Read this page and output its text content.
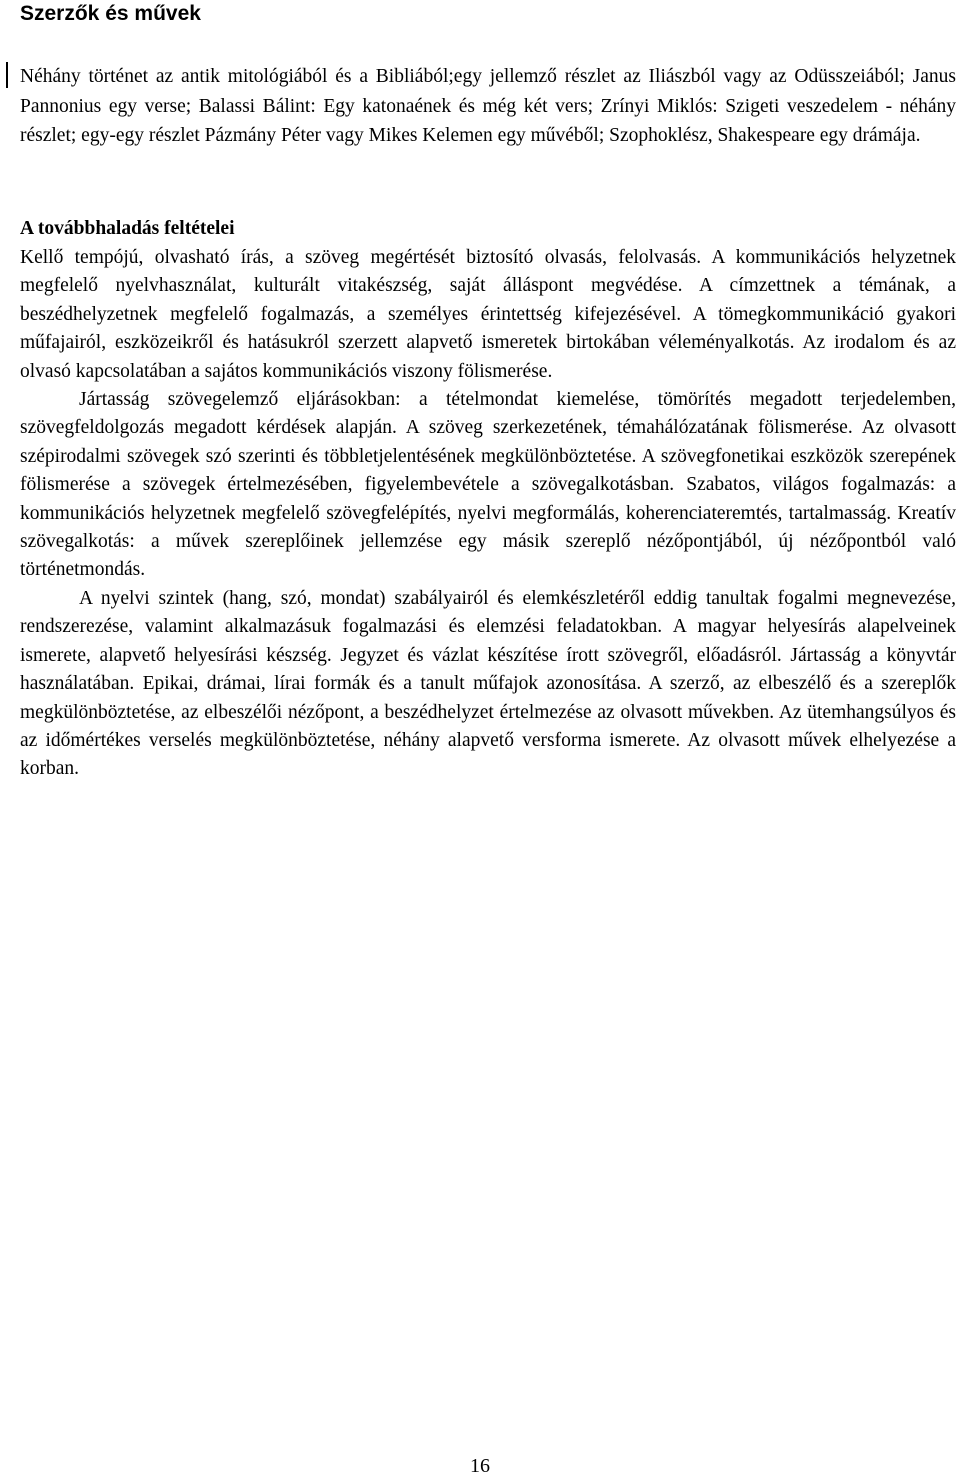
Szerzők és művek

Néhány történet az antik mitológiából és a Bibliából;egy jellemző részlet az Iliászból vagy az Odüsszeiából; Janus Pannonius egy verse; Balassi Bálint: Egy katonaének és még két vers; Zrínyi Miklós: Szigeti veszedelem - néhány részlet; egy-egy részlet Pázmány Péter vagy Mikes Kelemen egy művéből; Szophoklész, Shakespeare egy drámája.

A továbbhaladás feltételei

Kellő tempójú, olvasható írás, a szöveg megértését biztosító olvasás, felolvasás. A kommunikációs helyzetnek megfelelő nyelvhasználat, kulturált vitakészség, saját álláspont megvédése. A címzettnek a témának, a beszédhelyzetnek megfelelő fogalmazás, a személyes érintettség kifejezésével. A tömegkommunikáció gyakori műfajairól, eszközeikről és hatásukról szerzett alapvető ismeretek birtokában véleményalkotás. Az irodalom és az olvasó kapcsolatában a sajátos kommunikációs viszony fölismerése.

Jártasság szövegelemző eljárásokban: a tételmondat kiemelése, tömörítés megadott terjedelemben, szövegfeldolgozás megadott kérdések alapján. A szöveg szerkezetének, témahálózatának fölismerése. Az olvasott szépirodalmi szövegek szó szerinti és többletjelentésének megkülönböztetése. A szövegfonetikai eszközök szerepének fölismerése a szövegek értelmezésében, figyelembevétele a szövegalkotásban. Szabatos, világos fogalmazás: a kommunikációs helyzetnek megfelelő szövegfelépítés, nyelvi megformálás, koherenciateremtés, tartalmasság. Kreatív szövegalkotás: a művek szereplőinek jellemzése egy másik szereplő nézőpontjából, új nézőpontból való történetmondás.

A nyelvi szintek (hang, szó, mondat) szabályairól és elemkészletéről eddig tanultak fogalmi megnevezése, rendszerezése, valamint alkalmazásuk fogalmazási és elemzési feladatokban. A magyar helyesírás alapelveinek ismerete, alapvető helyesírási készség. Jegyzet és vázlat készítése írott szövegről, előadásról. Jártasság a könyvtár használatában. Epikai, drámai, lírai formák és a tanult műfajok azonosítása. A szerző, az elbeszélő és a szereplők megkülönböztetése, az elbeszélői nézőpont, a beszédhelyzet értelmezése az olvasott művekben. Az ütemhangsúlyos és az időmértékes verselés megkülönböztetése, néhány alapvető versforma ismerete. Az olvasott művek elhelyezése a korban.

16
